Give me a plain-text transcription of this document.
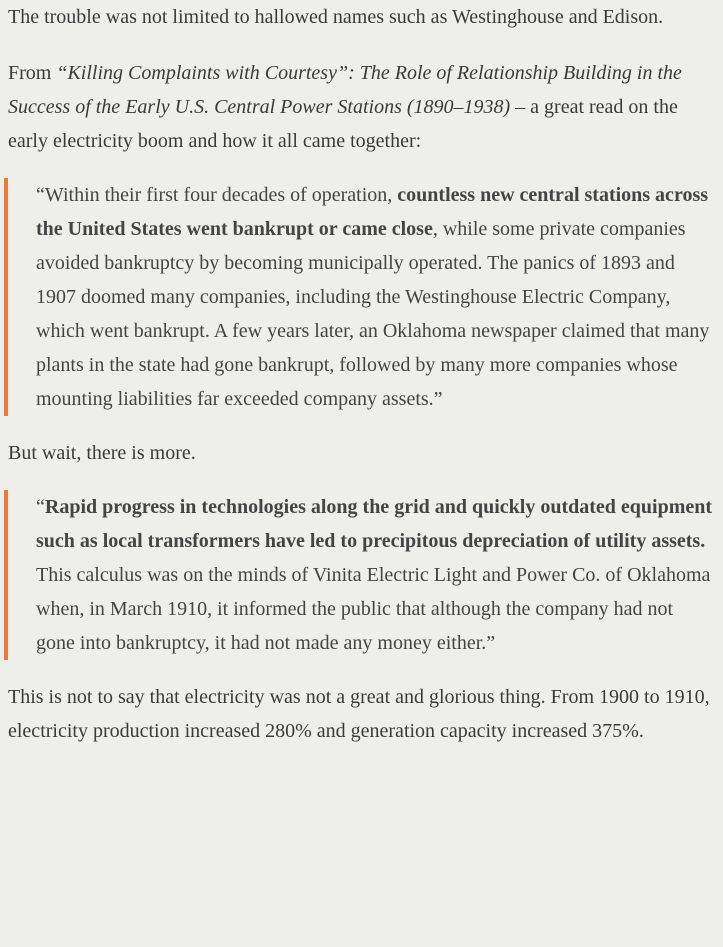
The trouble was not limited to hallowed names such as Westinghouse and Edison.

From “Killing Complaints with Courtesy”: The Role of Relationship Building in the Success of the Early U.S. Central Power Stations (1890–1938) – a great read on the early electricity boom and how it all came together:

“Within their first four decades of operation, countless new central stations across the United States went bankrupt or came close, while some private companies avoided bankruptcy by becoming municipally operated. The panics of 1893 and 1907 doomed many companies, including the Westinghouse Electric Company, which went bankrupt. A few years later, an Oklahoma newspaper claimed that many plants in the state had gone bankrupt, followed by many more companies whose mounting liabilities far exceeded company assets.”

But wait, there is more.

“Rapid progress in technologies along the grid and quickly outdated equipment such as local transformers have led to precipitous depreciation of utility assets. This calculus was on the minds of Vinita Electric Light and Power Co. of Oklahoma when, in March 1910, it informed the public that although the company had not gone into bankruptcy, it had not made any money either.”

This is not to say that electricity was not a great and glorious thing. From 1900 to 1910, electricity production increased 280% and generation capacity increased 375%.
